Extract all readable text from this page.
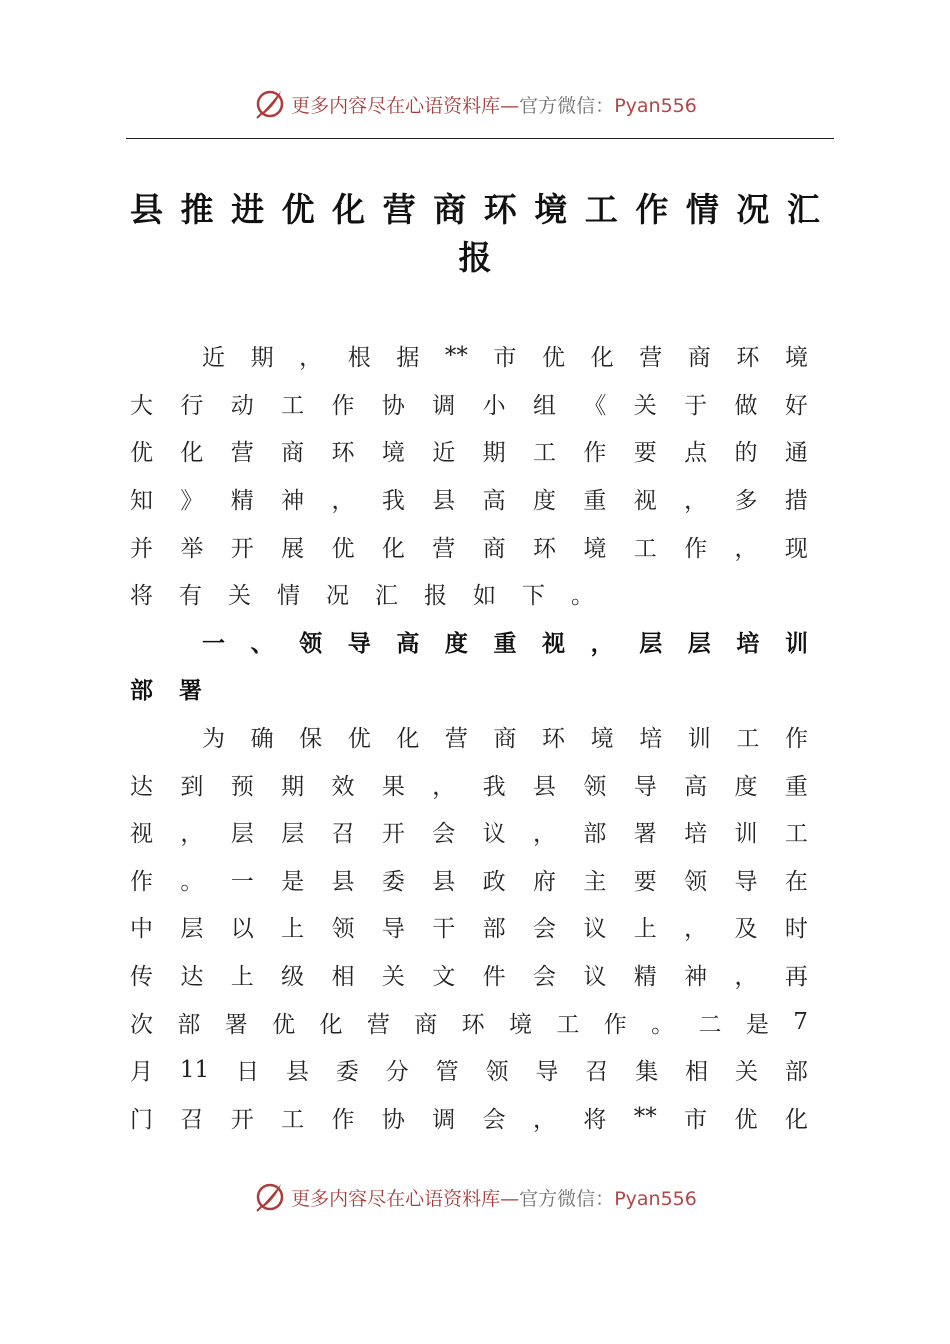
更多内容尽在心语资料库—官方微信：Pyan556
县 推 进 优 化 营 商 环 境 工 作 情 况 汇
报
近 期 ， 根 据 ** 市 优 化 营 商 环 境
大 行 动 工 作 协 调 小 组 《 关 于 做 好
优 化 营 商 环 境 近 期 工 作 要 点 的 通
知 》 精 神 ， 我 县 高 度 重 视 ， 多 措
并 举 开 展 优 化 营 商 环 境 工 作 ， 现
将 有 关 情 况 汇 报 如 下 。
一 、 领 导 高 度 重 视 ， 层 层 培 训
部 署
为 确 保 优 化 营 商 环 境 培 训 工 作
达 到 预 期 效 果 ， 我 县 领 导 高 度 重
视 ， 层 层 召 开 会 议 ， 部 署 培 训 工
作 。 一 是 县 委 县 政 府 主 要 领 导 在
中 层 以 上 领 导 干 部 会 议 上 ， 及 时
传 达 上 级 相 关 文 件 会 议 精 神 ， 再
次 部 署 优 化 营 商 环 境 工 作 。 二 是 7
月 11 日 县 委 分 管 领 导 召 集 相 关 部
门 召 开 工 作 协 调 会 ， 将 ** 市 优 化
更多内容尽在心语资料库—官方微信：Pyan556
